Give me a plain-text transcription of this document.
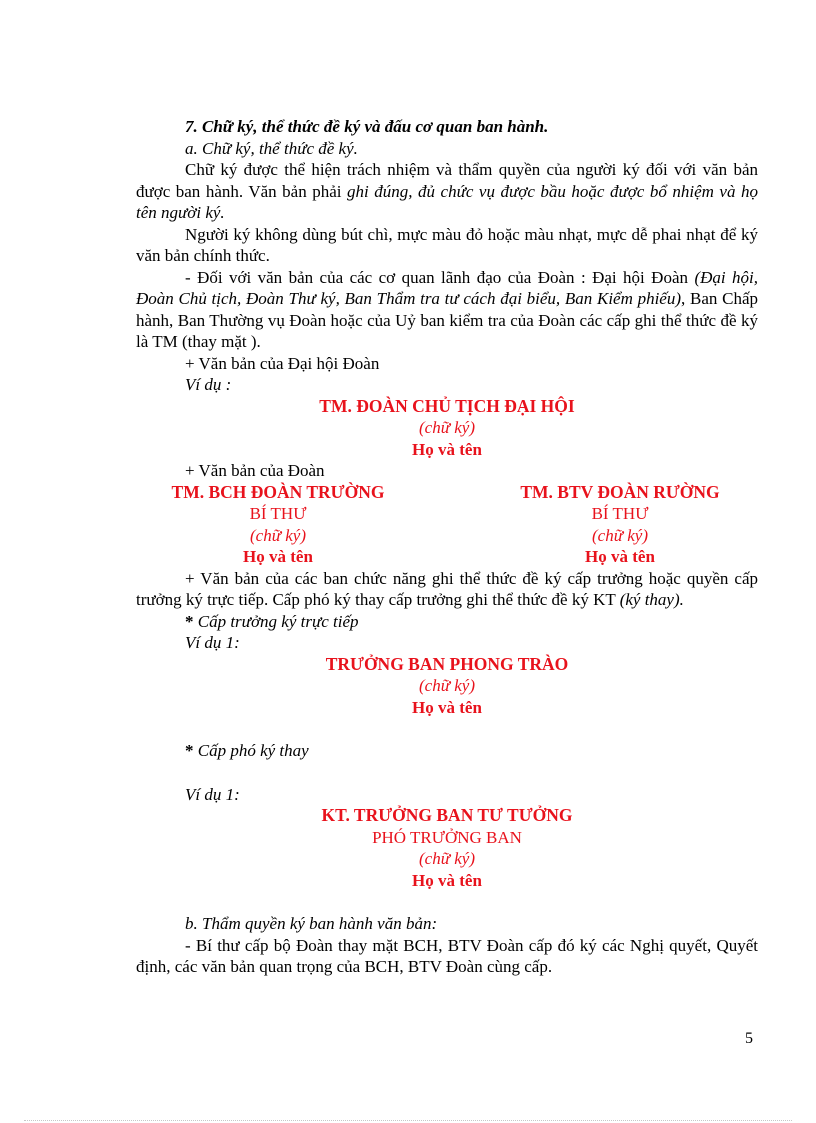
7. Chữ ký, thể thức đề ký và đấu cơ quan ban hành.

a. Chữ ký, thể thức đề ký.

Chữ ký được thể hiện trách nhiệm và thẩm quyền của người ký đối với văn bản được ban hành. Văn bản phải ghi đúng, đủ chức vụ được bầu hoặc được bổ nhiệm và họ tên người ký.

Người ký không dùng bút chì, mực màu đỏ hoặc màu nhạt, mực dễ phai nhạt để ký văn bản chính thức.

- Đối với văn bản của các cơ quan lãnh đạo của Đoàn : Đại hội Đoàn (Đại hội, Đoàn Chủ tịch, Đoàn Thư ký, Ban Thẩm tra tư cách đại biểu, Ban Kiểm phiếu), Ban Chấp hành, Ban Thường vụ Đoàn hoặc của Uỷ ban kiểm tra của Đoàn các cấp ghi thể thức đề ký là TM (thay mặt ).

+ Văn bản của Đại hội Đoàn

Ví dụ :

TM. ĐOÀN CHỦ TỊCH ĐẠI HỘI

(chữ ký)

Họ và tên

+ Văn bản của Đoàn

TM. BCH ĐOÀN TRƯỜNG

BÍ THƯ

(chữ ký)

Họ và tên

TM. BTV ĐOÀN RƯỜNG

BÍ THƯ

(chữ ký)

Họ và tên

+ Văn bản của các ban chức năng ghi thể thức đề ký cấp trưởng hoặc quyền cấp trưởng ký trực tiếp. Cấp phó ký thay cấp trưởng ghi thể thức đề ký KT (ký thay).

* Cấp trưởng ký trực tiếp

Ví dụ 1:

TRƯỞNG BAN PHONG TRÀO

(chữ ký)

Họ và tên

* Cấp phó ký thay

Ví dụ 1:

KT. TRƯỞNG BAN TƯ TƯỞNG

PHÓ TRƯỞNG BAN

(chữ ký)

Họ và tên

b. Thẩm quyền ký ban hành văn bản:

- Bí thư cấp bộ Đoàn thay mặt BCH, BTV Đoàn cấp đó ký các Nghị quyết, Quyết định, các văn bản quan trọng của BCH, BTV Đoàn cùng cấp.

5
